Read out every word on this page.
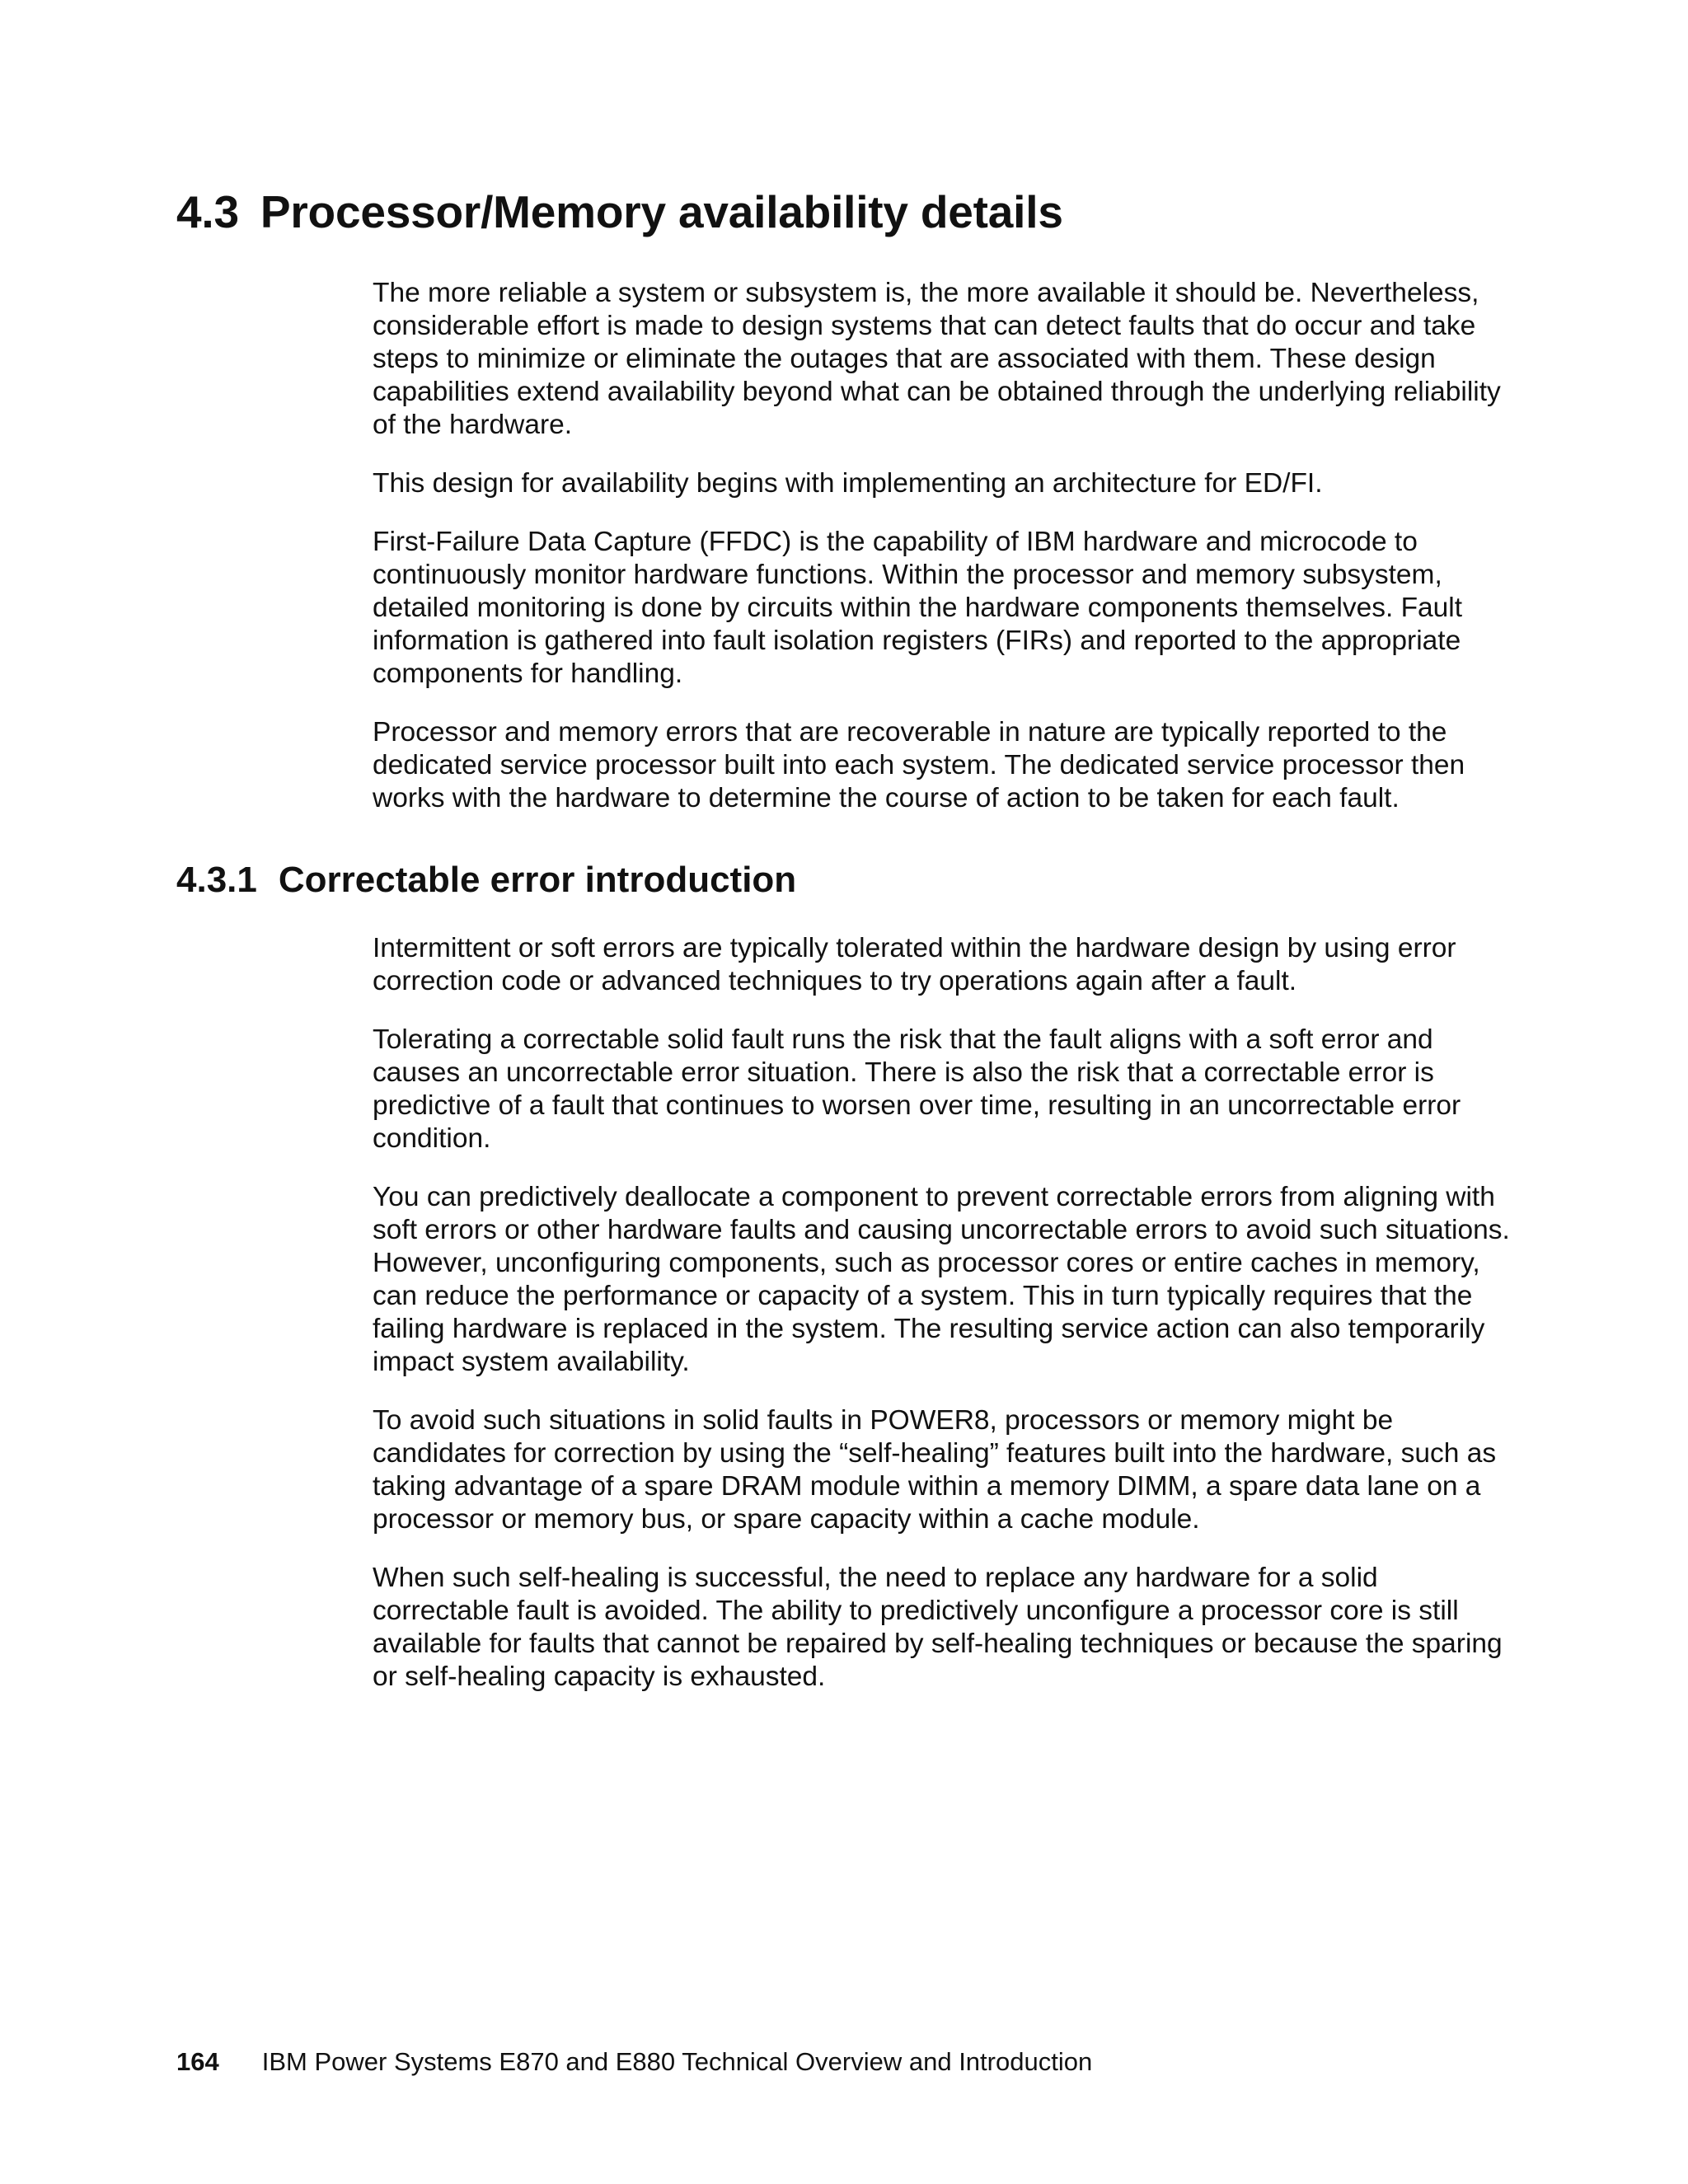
4.3 Processor/Memory availability details

The more reliable a system or subsystem is, the more available it should be. Nevertheless, considerable effort is made to design systems that can detect faults that do occur and take steps to minimize or eliminate the outages that are associated with them. These design capabilities extend availability beyond what can be obtained through the underlying reliability of the hardware.

This design for availability begins with implementing an architecture for ED/FI.

First-Failure Data Capture (FFDC) is the capability of IBM hardware and microcode to continuously monitor hardware functions. Within the processor and memory subsystem, detailed monitoring is done by circuits within the hardware components themselves. Fault information is gathered into fault isolation registers (FIRs) and reported to the appropriate components for handling.

Processor and memory errors that are recoverable in nature are typically reported to the dedicated service processor built into each system. The dedicated service processor then works with the hardware to determine the course of action to be taken for each fault.

4.3.1 Correctable error introduction

Intermittent or soft errors are typically tolerated within the hardware design by using error correction code or advanced techniques to try operations again after a fault.

Tolerating a correctable solid fault runs the risk that the fault aligns with a soft error and causes an uncorrectable error situation. There is also the risk that a correctable error is predictive of a fault that continues to worsen over time, resulting in an uncorrectable error condition.

You can predictively deallocate a component to prevent correctable errors from aligning with soft errors or other hardware faults and causing uncorrectable errors to avoid such situations. However, unconfiguring components, such as processor cores or entire caches in memory, can reduce the performance or capacity of a system. This in turn typically requires that the failing hardware is replaced in the system. The resulting service action can also temporarily impact system availability.

To avoid such situations in solid faults in POWER8, processors or memory might be candidates for correction by using the “self-healing” features built into the hardware, such as taking advantage of a spare DRAM module within a memory DIMM, a spare data lane on a processor or memory bus, or spare capacity within a cache module.

When such self-healing is successful, the need to replace any hardware for a solid correctable fault is avoided. The ability to predictively unconfigure a processor core is still available for faults that cannot be repaired by self-healing techniques or because the sparing or self-healing capacity is exhausted.

164 IBM Power Systems E870 and E880 Technical Overview and Introduction
